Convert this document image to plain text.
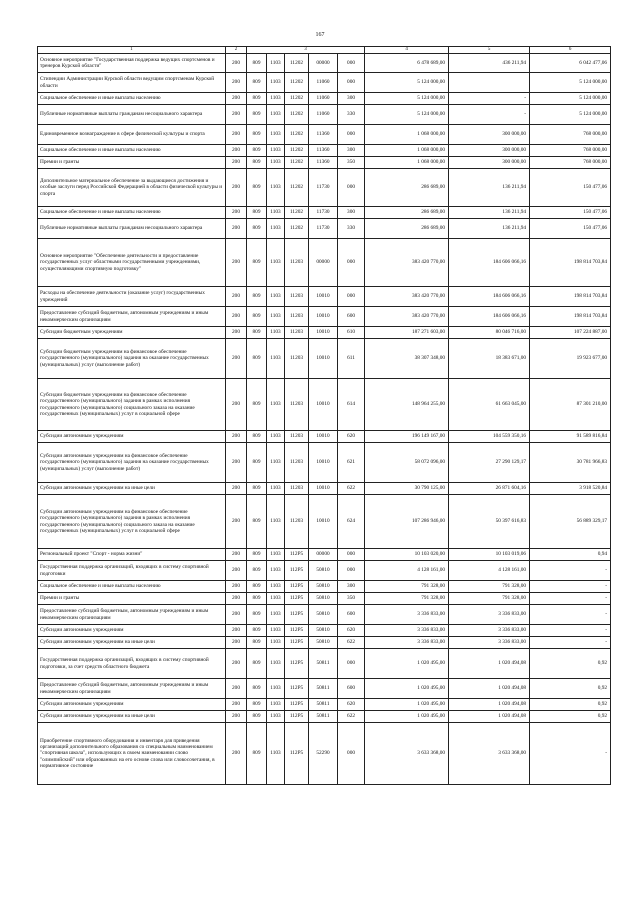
167
1	2	3					4	5	6
Основное мероприятие "Государственная поддержка ведущих спортсменов и тренеров Курской области"	200	809	1103	11202	00000	000	6 478 689,00	436 211,94	6 042 477,06
Стипендии Администрации Курской области ведущим спортсменам Курской области	200	809	1103	11202	11060	000	5 124 000,00		5 124 000,00
Социальное обеспечение и иные выплаты населению	200	809	1103	11202	11060	300	5 124 000,00	-	5 124 000,00
Публичные нормативные выплаты гражданам несоциального характера	200	809	1103	11202	11060	330	5 124 000,00	-	5 124 000,00
Единовременное вознаграждение в сфере физической культуры и спорта	200	809	1103	11202	11360	000	1 068 000,00	300 000,00	768 000,00
Социальное обеспечение и иные выплаты населению	200	809	1103	11202	11360	300	1 068 000,00	300 000,00	768 000,00
Премии и гранты	200	809	1103	11202	11360	350	1 068 000,00	300 000,00	768 000,00
Дополнительное материальное обеспечение за выдающиеся достижения и особые заслуги перед Российской Федерацией в области физической культуры и спорта	200	809	1103	11202	11730	000	286 689,00	136 211,94	150 477,06
Социальное обеспечение и иные выплаты населению	200	809	1103	11202	11730	300	286 689,00	136 211,94	150 477,06
Публичные нормативные выплаты гражданам несоциального характера	200	809	1103	11202	11730	330	286 689,00	136 211,94	150 477,06
Основное мероприятие "Обеспечение деятельности и предоставление государственных услуг областными государственными учреждениями, осуществляющими спортивную подготовку"	200	809	1103	11203	00000	000	383 420 770,00	184 606 066,16	198 814 703,84
Расходы на обеспечение деятельности (оказание услуг) государственных учреждений	200	809	1103	11203	10010	000	383 420 770,00	184 606 066,16	198 814 703,84
Предоставление субсидий бюджетным, автономным учреждениям и иным некоммерческим организациям	200	809	1103	11203	10010	600	383 420 770,00	184 606 066,16	198 814 703,84
Субсидии бюджетным учреждениям	200	809	1103	11203	10010	610	187 271 603,00	80 046 716,00	107 224 887,00
Субсидии бюджетным учреждениям на финансовое обеспечение государственного (муниципального) задания на оказание государственных (муниципальных) услуг (выполнение работ)	200	809	1103	11203	10010	611	38 307 348,00	18 383 671,00	19 923 677,00
Субсидии бюджетным учреждениям на финансовое обеспечение государственного (муниципального) задания в рамках исполнения государственного (муниципального) социального заказа на оказание государственных (муниципальных) услуг в социальной сфере	200	809	1103	11203	10010	614	148 964 255,00	61 663 045,00	87 301 210,00
Субсидии автономным учреждениям	200	809	1103	11203	10010	620	196 149 167,00	104 559 350,16	91 589 816,84
Субсидии автономным учреждениям на финансовое обеспечение государственного (муниципального) задания на оказание государственных (муниципальных) услуг (выполнение работ)	200	809	1103	11203	10010	621	58 072 096,00	27 290 129,17	30 781 966,83
Субсидии автономным учреждениям на иные цели	200	809	1103	11203	10010	622	30 790 125,00	26 871 604,16	3 918 520,84
Субсидии автономным учреждениям на финансовое обеспечение государственного (муниципального) задания в рамках исполнения государственного (муниципального) социального заказа на оказание государственных (муниципальных) услуг в социальной сфере	200	809	1103	11203	10010	624	107 286 946,00	50 397 616,83	56 889 329,17
Региональный проект "Спорт - норма жизни"	200	809	1103	112Р5	00000	000	10 103 020,00	10 103 019,06	0,94
Государственная поддержка организаций, входящих в систему спортивной подготовки	200	809	1103	112Р5	50810	000	4 128 161,00	4 128 161,00	-
Социальное обеспечение и иные выплаты населению	200	809	1103	112Р5	50810	300	791 328,00	791 328,00	-
Премии и гранты	200	809	1103	112Р5	50810	350	791 328,00	791 328,00	-
Предоставление субсидий бюджетным, автономным учреждениям и иным некоммерческим организациям	200	809	1103	112Р5	50810	600	3 336 833,00	3 336 833,00	-
Субсидии автономным учреждениям	200	809	1103	112Р5	50810	620	3 336 833,00	3 336 833,00	-
Субсидии автономным учреждениям на иные цели	200	809	1103	112Р5	50810	622	3 336 833,00	3 336 833,00	-
Государственная поддержка организаций, входящих в систему спортивной подготовки, за счет средств областного бюджета	200	809	1103	112Р5	50811	000	1 020 495,00	1 020 494,08	0,92
Предоставление субсидий бюджетным, автономным учреждениям и иным некоммерческим организациям	200	809	1103	112Р5	50811	600	1 020 495,00	1 020 494,08	0,92
Субсидии автономным учреждениям	200	809	1103	112Р5	50811	620	1 020 495,00	1 020 494,08	0,92
Субсидии автономным учреждениям на иные цели	200	809	1103	112Р5	50811	622	1 020 495,00	1 020 494,08	0,92
Приобретение спортивного оборудования и инвентаря для приведения организаций дополнительного образования со специальным наименованием "спортивная школа", использующих в своем наименовании слово "олимпийский" или образованных на его основе слова или словосочетания, в нормативное состояние	200	809	1103	112Р5	52290	000	3 633 368,00	3 633 368,00	-
